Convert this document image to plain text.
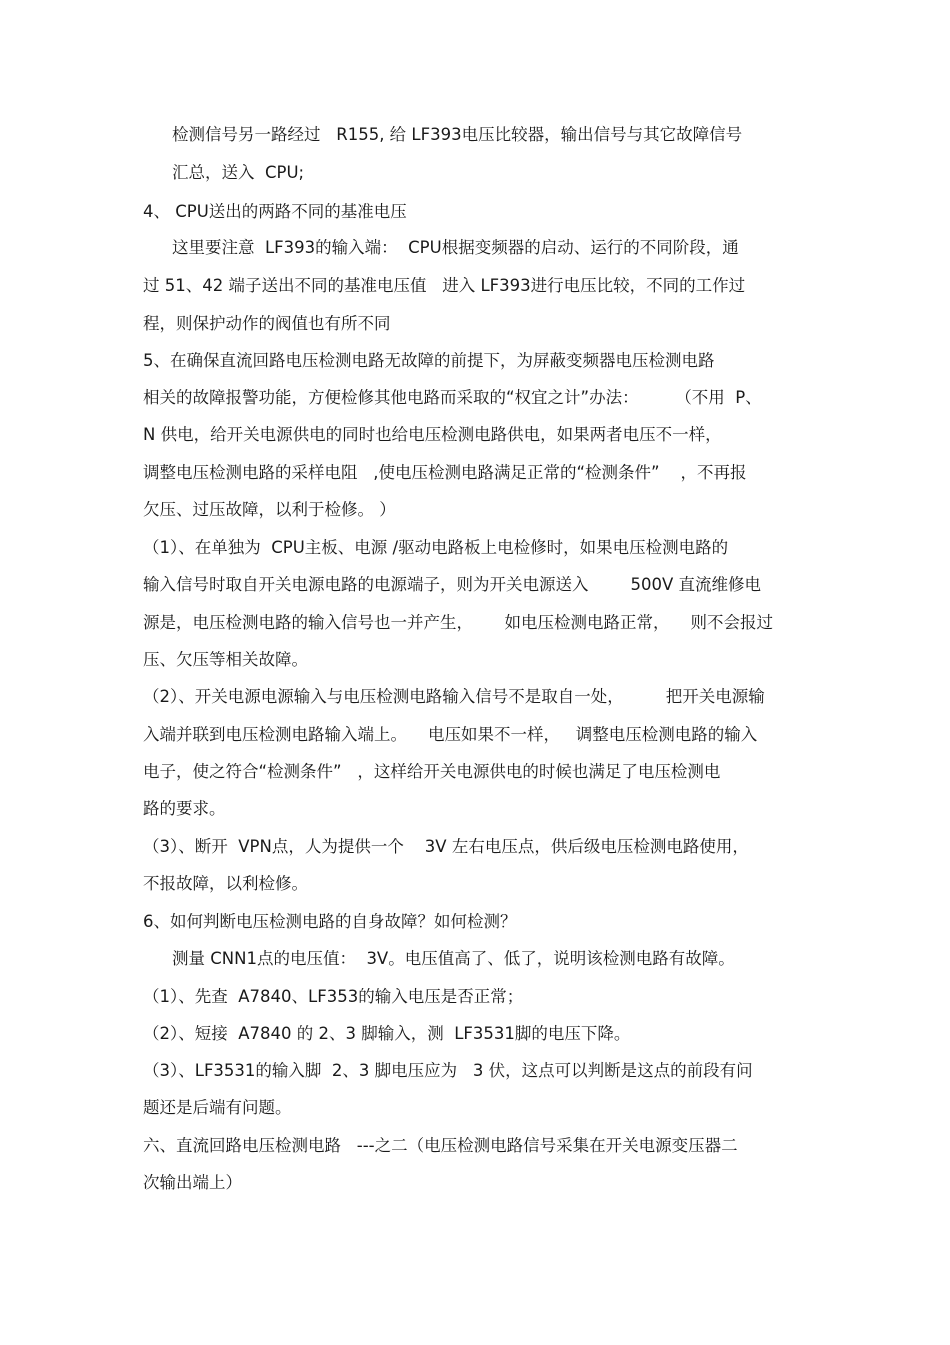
检测信号另一路经过   R155, 给 LF393电压比较器，输出信号与其它故障信号
汇总，送入  CPU;
4、 CPU送出的两路不同的基准电压
这里要注意  LF393的输入端：  CPU根据变频器的启动、运行的不同阶段，通
过 51、42 端子送出不同的基准电压值   进入 LF393进行电压比较，不同的工作过
程，则保护动作的阀值也有所不同
5、在确保直流回路电压检测电路无故障的前提下，为屏蔽变频器电压检测电路
相关的故障报警功能，方便检修其他电路而采取的“权宜之计”办法：       （不用  P、
N 供电，给开关电源供电的同时也给电压检测电路供电，如果两者电压不一样，
调整电压检测电路的采样电阻   ,使电压检测电路满足正常的“检测条件”    ，不再报
欠压、过压故障，以利于检修。 ）
（1）、在单独为  CPU主板、电源 /驱动电路板上电检修时，如果电压检测电路的
输入信号时取自开关电源电路的电源端子，则为开关电源送入        500V 直流维修电
源是，电压检测电路的输入信号也一并产生，      如电压检测电路正常，    则不会报过
压、欠压等相关故障。
（2）、开关电源电源输入与电压检测电路输入信号不是取自一处，        把开关电源输
入端并联到电压检测电路输入端上。    电压如果不一样，   调整电压检测电路的输入
电子，使之符合“检测条件”   ，这样给开关电源供电的时候也满足了电压检测电
路的要求。
（3）、断开  VPN点，人为提供一个    3V 左右电压点，供后级电压检测电路使用，
不报故障，以利检修。
6、如何判断电压检测电路的自身故障？如何检测？
测量 CNN1点的电压值：  3V。电压值高了、低了，说明该检测电路有故障。
（1）、先查  A7840、LF353的输入电压是否正常；
（2）、短接  A7840 的 2、3 脚输入，测  LF3531脚的电压下降。
（3）、LF3531的输入脚  2、3 脚电压应为   3 伏，这点可以判断是这点的前段有问
题还是后端有问题。
六、直流回路电压检测电路   ---之二（电压检测电路信号采集在开关电源变压器二
次输出端上）
